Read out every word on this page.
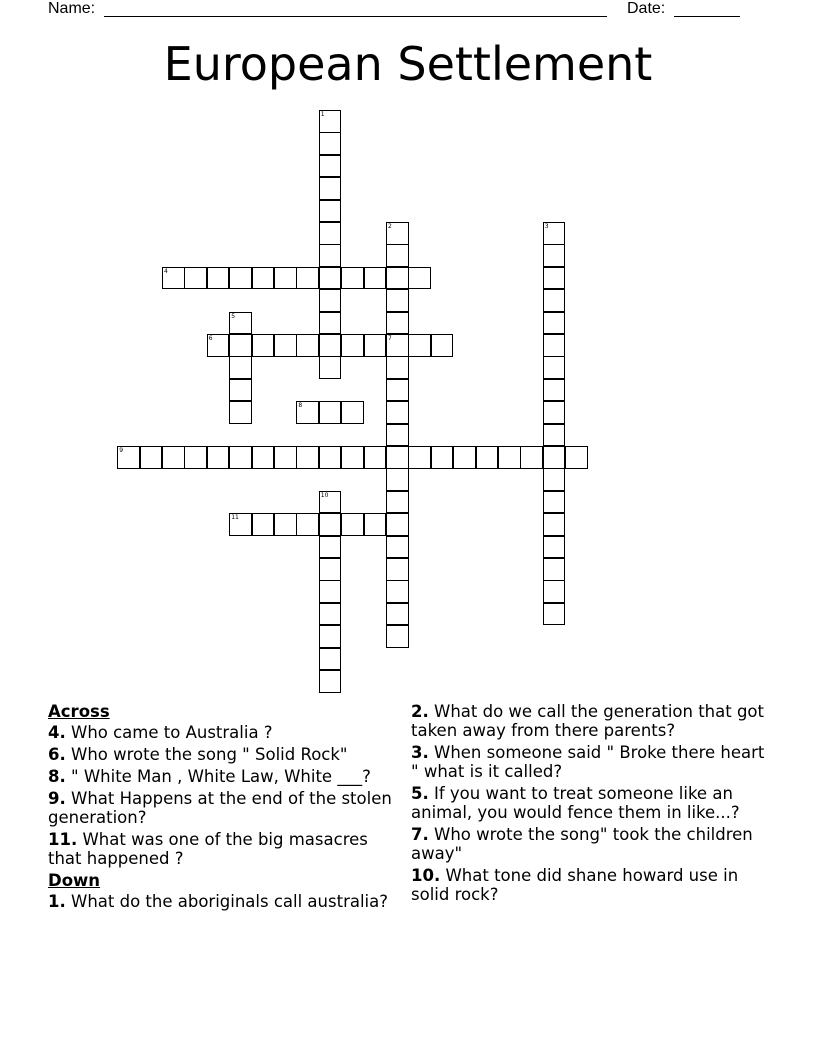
Name:	Date:
European Settlement
1
2
7
3
4
5
6
8
9
10
11
Across
4. Who came to Australia ?
6. Who wrote the song " Solid Rock"
8. " White Man , White Law, White ___?
9. What Happens at the end of the stolen generation?
11. What was one of the big masacres that happened ?
Down
1. What do the aboriginals call australia?
2. What do we call the generation that got taken away from there parents?
3. When someone said " Broke there heart " what is it called?
5. If you want to treat someone like an animal, you would fence them in like...?
7. Who wrote the song" took the children away"
10. What tone did shane howard use in solid rock?
